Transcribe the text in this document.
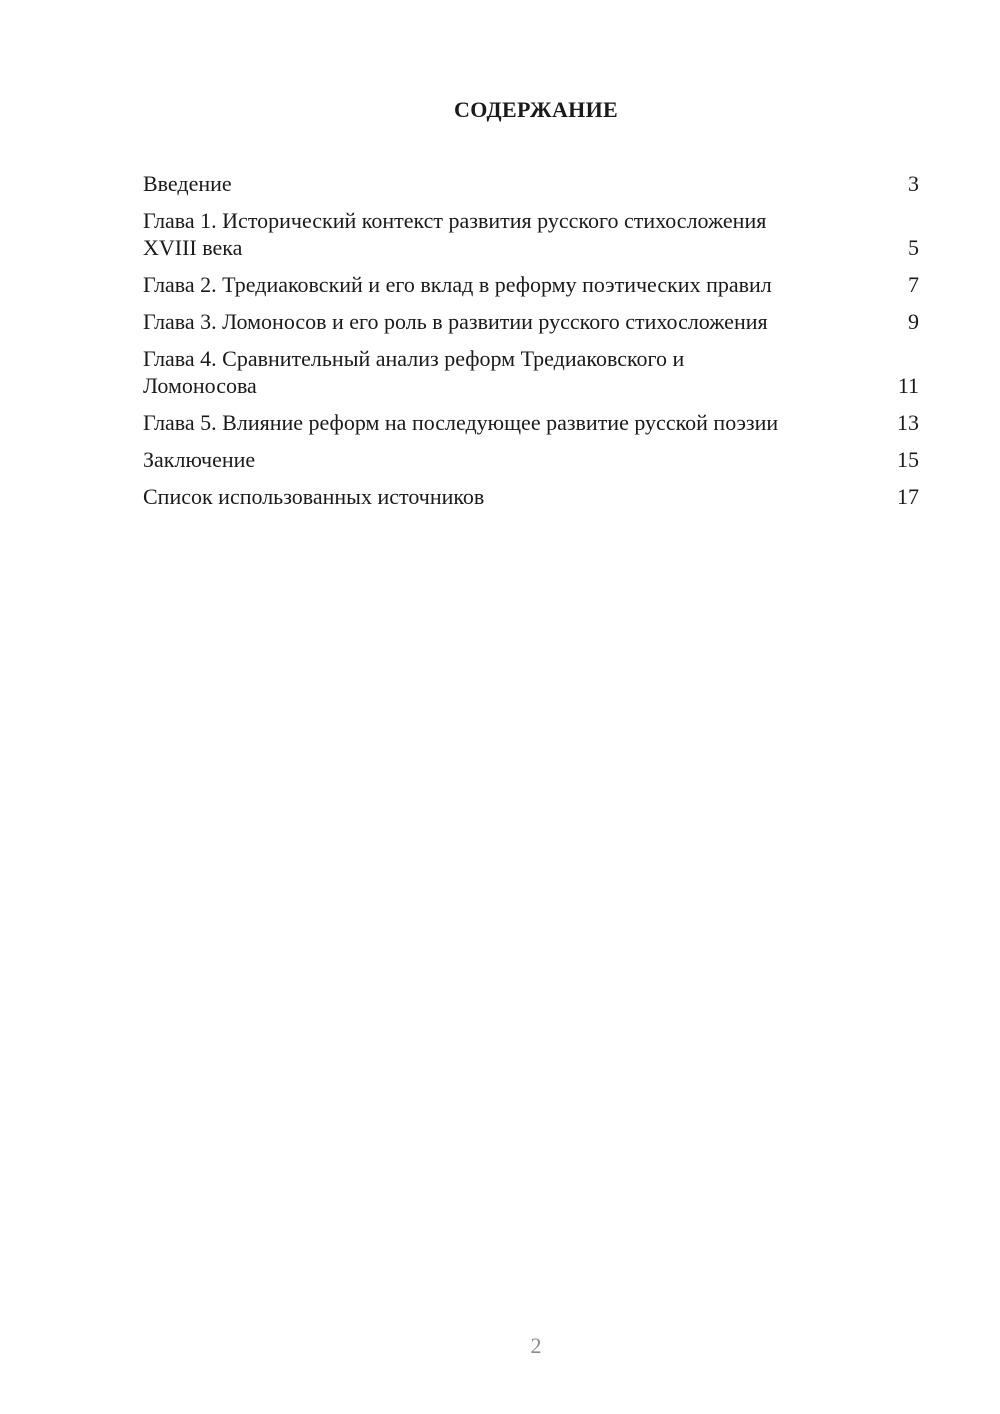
СОДЕРЖАНИЕ
Введение	3
Глава 1. Исторический контекст развития русского стихосложения XVIII века	5
Глава 2. Тредиаковский и его вклад в реформу поэтических правил	7
Глава 3. Ломоносов и его роль в развитии русского стихосложения	9
Глава 4. Сравнительный анализ реформ Тредиаковского и Ломоносова	11
Глава 5. Влияние реформ на последующее развитие русской поэзии	13
Заключение	15
Список использованных источников	17
2
